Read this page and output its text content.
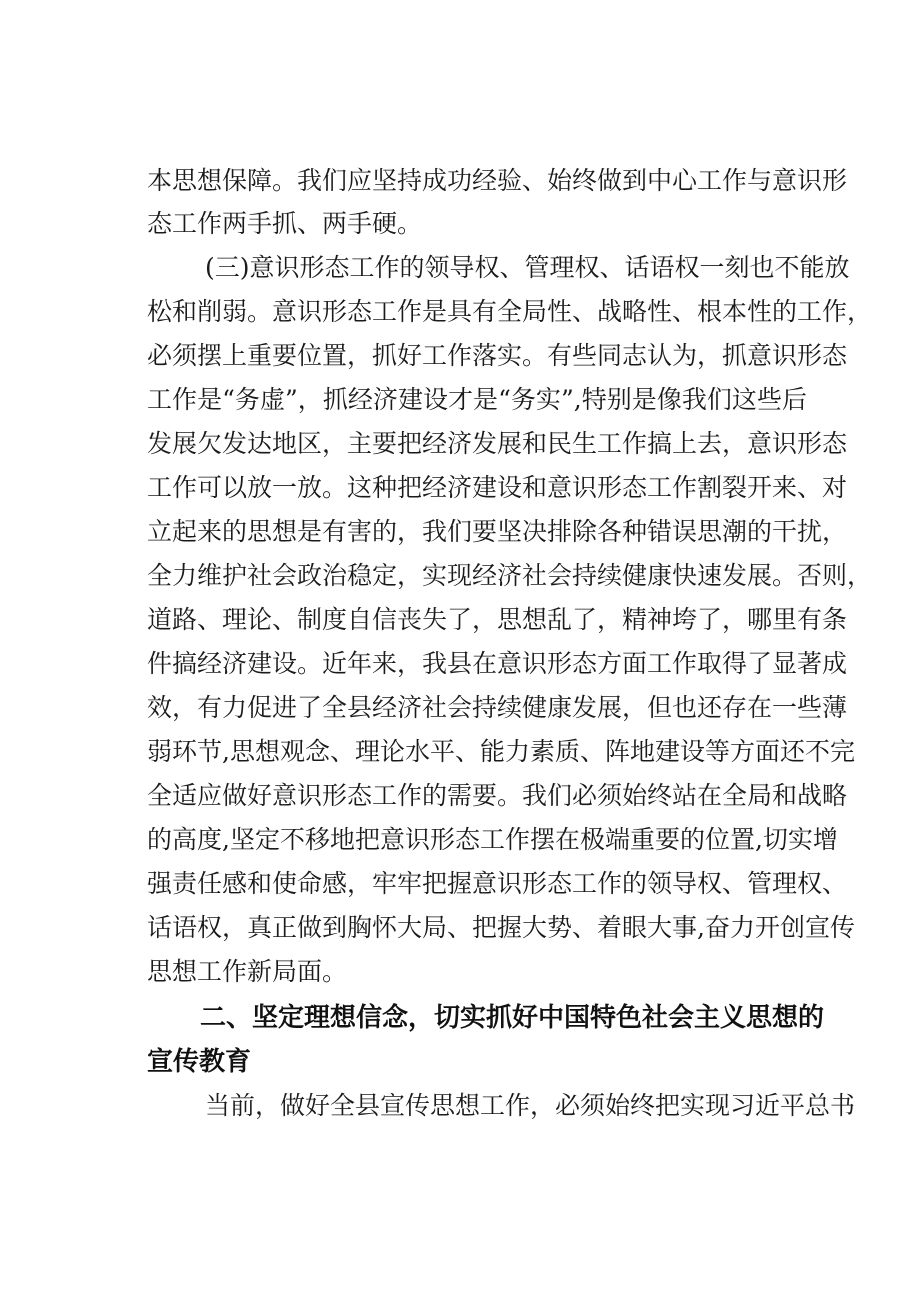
本思想保障。我们应坚持成功经验、始终做到中心工作与意识形
态工作两手抓、两手硬。
(三)意识形态工作的领导权、管理权、话语权一刻也不能放
松和削弱。意识形态工作是具有全局性、战略性、根本性的工作，
必须摆上重要位置，抓好工作落实。有些同志认为，抓意识形态
工作是“务虚”，抓经济建设才是“务实”,特别是像我们这些后
发展欠发达地区，主要把经济发展和民生工作搞上去，意识形态
工作可以放一放。这种把经济建设和意识形态工作割裂开来、对
立起来的思想是有害的，我们要坚决排除各种错误思潮的干扰，
全力维护社会政治稳定，实现经济社会持续健康快速发展。否则，
道路、理论、制度自信丧失了，思想乱了，精神垮了，哪里有条
件搞经济建设。近年来，我县在意识形态方面工作取得了显著成
效，有力促进了全县经济社会持续健康发展，但也还存在一些薄
弱环节,思想观念、理论水平、能力素质、阵地建设等方面还不完
全适应做好意识形态工作的需要。我们必须始终站在全局和战略
的高度,坚定不移地把意识形态工作摆在极端重要的位置,切实增
强责任感和使命感，牢牢把握意识形态工作的领导权、管理权、
话语权，真正做到胸怀大局、把握大势、着眼大事,奋力开创宣传
思想工作新局面。
二、坚定理想信念，切实抓好中国特色社会主义思想的
宣传教育
当前，做好全县宣传思想工作，必须始终把实现习近平总书
